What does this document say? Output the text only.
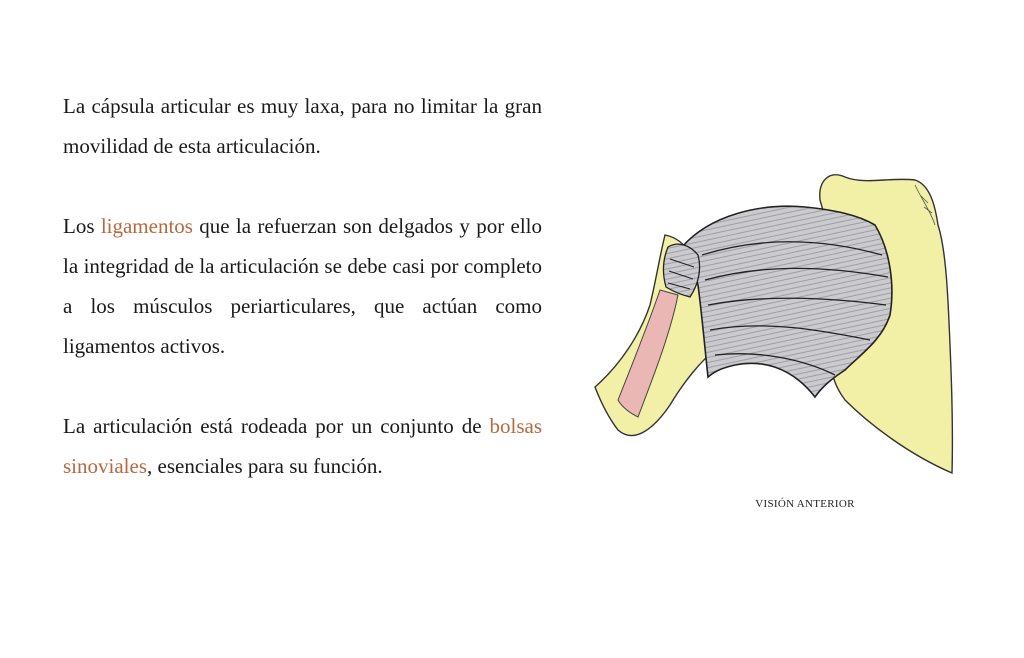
La cápsula articular es muy laxa, para no limitar la gran movilidad de esta articulación.

Los ligamentos que la refuerzan son delgados y por ello la integridad de la articulación se debe casi por completo a los músculos periarticulares, que actúan como ligamentos activos.

La articulación está rodeada por un conjunto de bolsas sinoviales, esenciales para su función.

VISIÓN ANTERIOR
